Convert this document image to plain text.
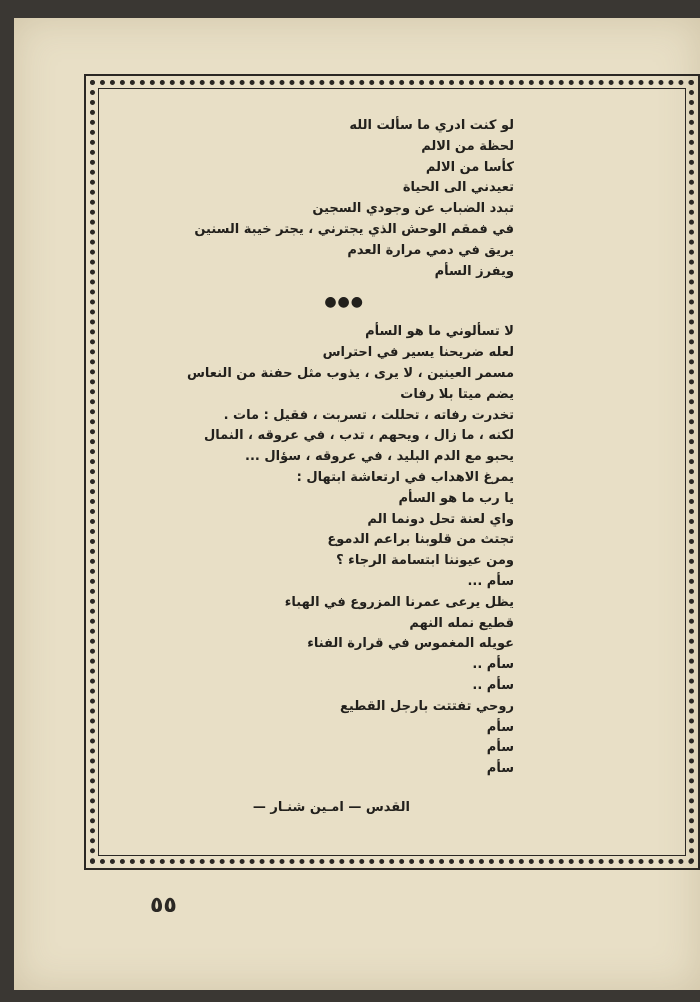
لو كنت ادري ما سألت الله
لحظة من الالم
كأسا من الالم
تعيدني الى الحياة
تبدد الضباب عن وجودي السجين
في فمقم الوحش الذي يجترني ، يجتر خيبة السنين
يريق في دمي مرارة العدم
ويفرز السأم
●●●
لا تسألوني ما هو السأم
لعله ضريحنا يسير في احتراس
مسمر العينين ، لا يرى ، يذوب مثل حفنة من النعاس
يضم ميتا بلا رفات
تخدرت رفاته ، تحللت ، تسربت ، فقيل : مات .
لكنه ، ما زال ، ويحهم ، تدب ، في عروقه ، النمال
يحبو مع الدم البليد ، في عروقه ، سؤال ...
يمرغ الاهداب في ارتعاشة ابتهال :
يا رب ما هو السأم
واي لعنة تحل دونما الم
تجتث من قلوبنا براعم الدموع
ومن عيوننا ابتسامة الرجاء ؟
سأم ...
يظل يرعى عمرنا المزروع في الهباء
قطيع نمله النهم
عويله المغموس في قرارة الفناء
سأم ..
سأم ..
روحي تفتتت بارجل القطيع
سأم
سأم
سأم
القدس — امـين شنـار —
٥٥
